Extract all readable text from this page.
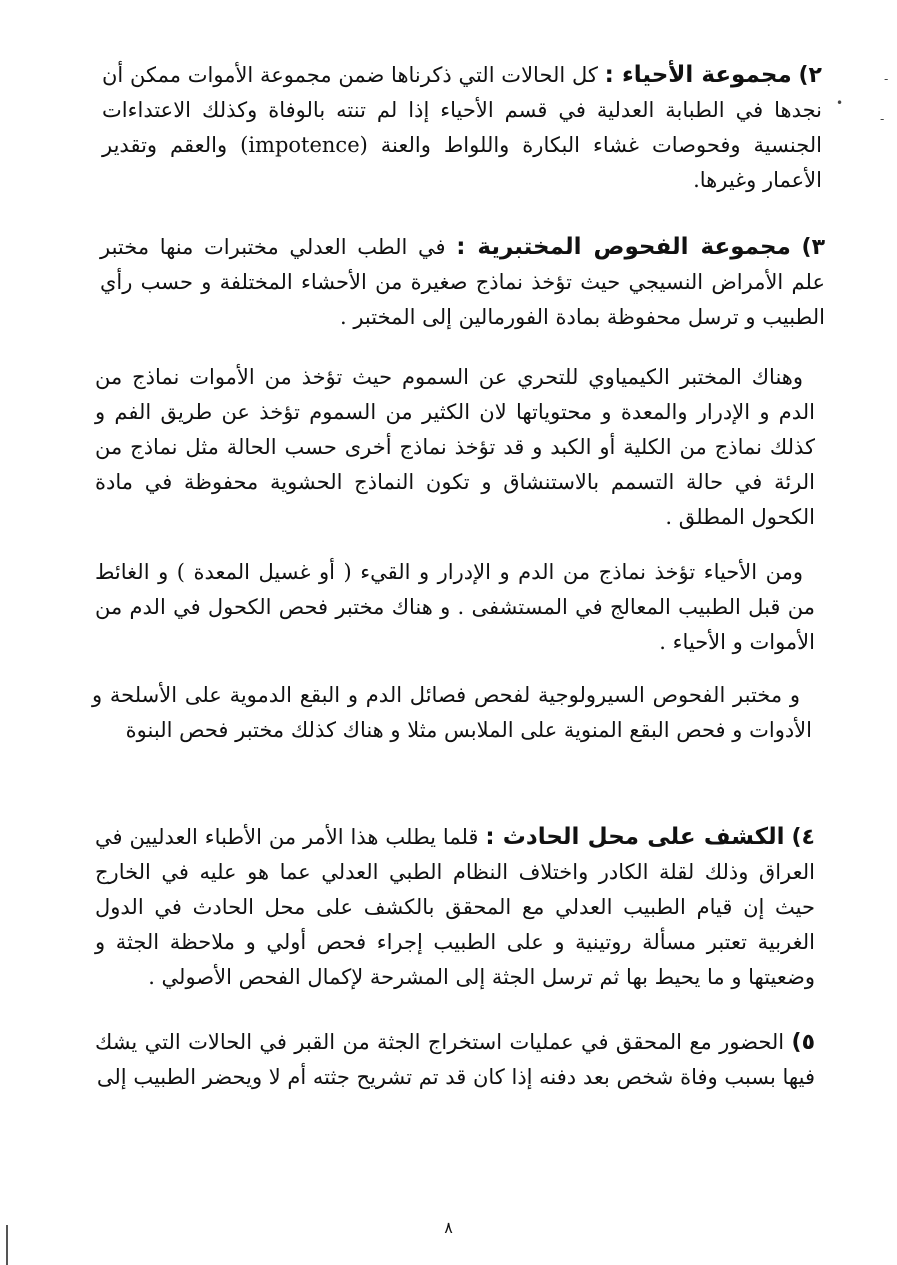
-
•
-

٢) مجموعة الأحياء : كل الحالات التي ذكرناها ضمن مجموعة الأموات ممكن أن نجدها في الطبابة العدلية في قسم الأحياء إذا لم تنته بالوفاة وكذلك الاعتداءات الجنسية وفحوصات غشاء البكارة واللواط والعنة (impotence) والعقم وتقدير الأعمار وغيرها.

٣) مجموعة الفحوص المختبرية : في الطب العدلي مختبرات منها مختبر علم الأمراض النسيجي حيث تؤخذ نماذج صغيرة من الأحشاء المختلفة و حسب رأي الطبيب و ترسل محفوظة بمادة الفورمالين إلى المختبر .

وهناك المختبر الكيمياوي للتحري عن السموم حيث تؤخذ من الأموات نماذج من الدم و الإدرار والمعدة و محتوياتها لان الكثير من السموم تؤخذ عن طريق الفم و كذلك نماذج من الكلية أو الكبد و قد تؤخذ نماذج أخرى حسب الحالة مثل نماذج من الرئة في حالة التسمم بالاستنشاق و تكون النماذج الحشوية محفوظة في مادة الكحول المطلق .

ومن الأحياء تؤخذ نماذج من الدم و الإدرار و القيء ( أو غسيل المعدة ) و الغائط من قبل الطبيب المعالج في المستشفى . و هناك مختبر فحص الكحول في الدم من الأموات و الأحياء .

و مختبر الفحوص السيرولوجية لفحص فصائل الدم و البقع الدموية على الأسلحة و الأدوات و فحص البقع المنوية على الملابس مثلا و هناك كذلك مختبر فحص البنوة

٤) الكشف على محل الحادث : قلما يطلب هذا الأمر من الأطباء العدليين في العراق وذلك لقلة الكادر واختلاف النظام الطبي العدلي عما هو عليه في الخارج حيث إن قيام الطبيب العدلي مع المحقق بالكشف على محل الحادث في الدول الغربية تعتبر مسألة روتينية و على الطبيب إجراء فحص أولي و ملاحظة الجثة و وضعيتها و ما يحيط بها ثم ترسل الجثة إلى المشرحة لإكمال الفحص الأصولي .

٥) الحضور مع المحقق في عمليات استخراج الجثة من القبر في الحالات التي يشك فيها بسبب وفاة شخص بعد دفنه إذا كان قد تم تشريح جثته أم لا ويحضر الطبيب إلى

٨
